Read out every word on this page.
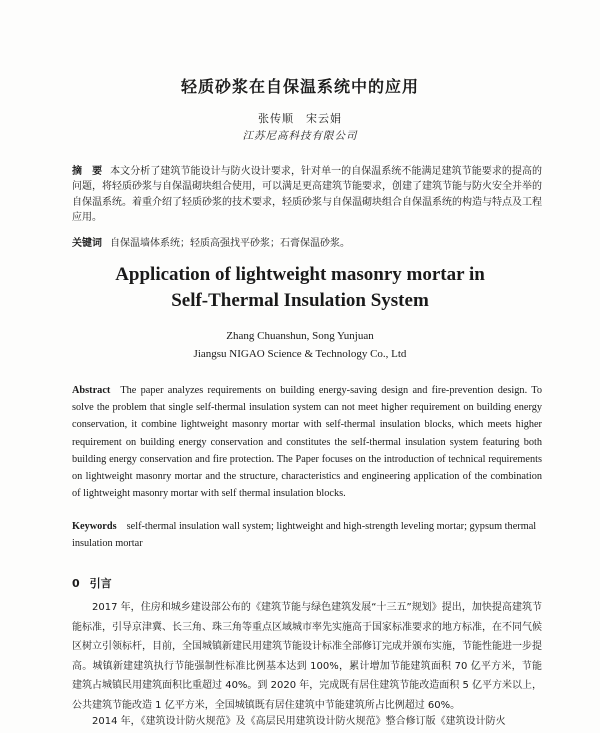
轻质砂浆在自保温系统中的应用
张传顺　宋云娟
江苏尼高科技有限公司

摘　要 本文分析了建筑节能设计与防火设计要求，针对单一的自保温系统不能满足建筑节能要求的提高的问题，将轻质砂浆与自保温砌块组合使用，可以满足更高建筑节能要求，创建了建筑节能与防火安全并举的自保温系统。着重介绍了轻质砂浆的技术要求，轻质砂浆与自保温砌块组合自保温系统的构造与特点及工程应用。

关键词 自保温墙体系统；轻质高强找平砂浆；石膏保温砂浆。

Application of lightweight masonry mortar in
Self-Thermal Insulation System
Zhang Chuanshun, Song Yunjuan
Jiangsu NIGAO Science & Technology Co., Ltd

Abstract The paper analyzes requirements on building energy-saving design and fire-prevention design. To solve the problem that single self-thermal insulation system can not meet higher requirement on building energy conservation, it combine lightweight masonry mortar with self-thermal insulation blocks, which meets higher requirement on building energy conservation and constitutes the self-thermal insulation system featuring both building energy conservation and fire protection. The Paper focuses on the introduction of technical requirements on lightweight masonry mortar and the structure, characteristics and engineering application of the combination of lightweight masonry mortar with self thermal insulation blocks.

Keywords self-thermal insulation wall system; lightweight and high-strength leveling mortar; gypsum thermal insulation mortar

0 引言

2017 年，住房和城乡建设部公布的《建筑节能与绿色建筑发展“十三五”规划》提出，加快提高建筑节能标准，引导京津冀、长三角、珠三角等重点区域城市率先实施高于国家标准要求的地方标准，在不同气候区树立引领标杆，目前，全国城镇新建民用建筑节能设计标准全部修订完成并颁布实施，节能性能进一步提高。城镇新建建筑执行节能强制性标准比例基本达到 100%，累计增加节能建筑面积 70 亿平方米，节能建筑占城镇民用建筑面积比重超过 40%。到 2020 年，完成既有居住建筑节能改造面积 5 亿平方米以上，公共建筑节能改造 1 亿平方米，全国城镇既有居住建筑中节能建筑所占比例超过 60%。

2014 年，《建筑设计防火规范》及《高层民用建筑设计防火规范》整合修订版《建筑设计防火
